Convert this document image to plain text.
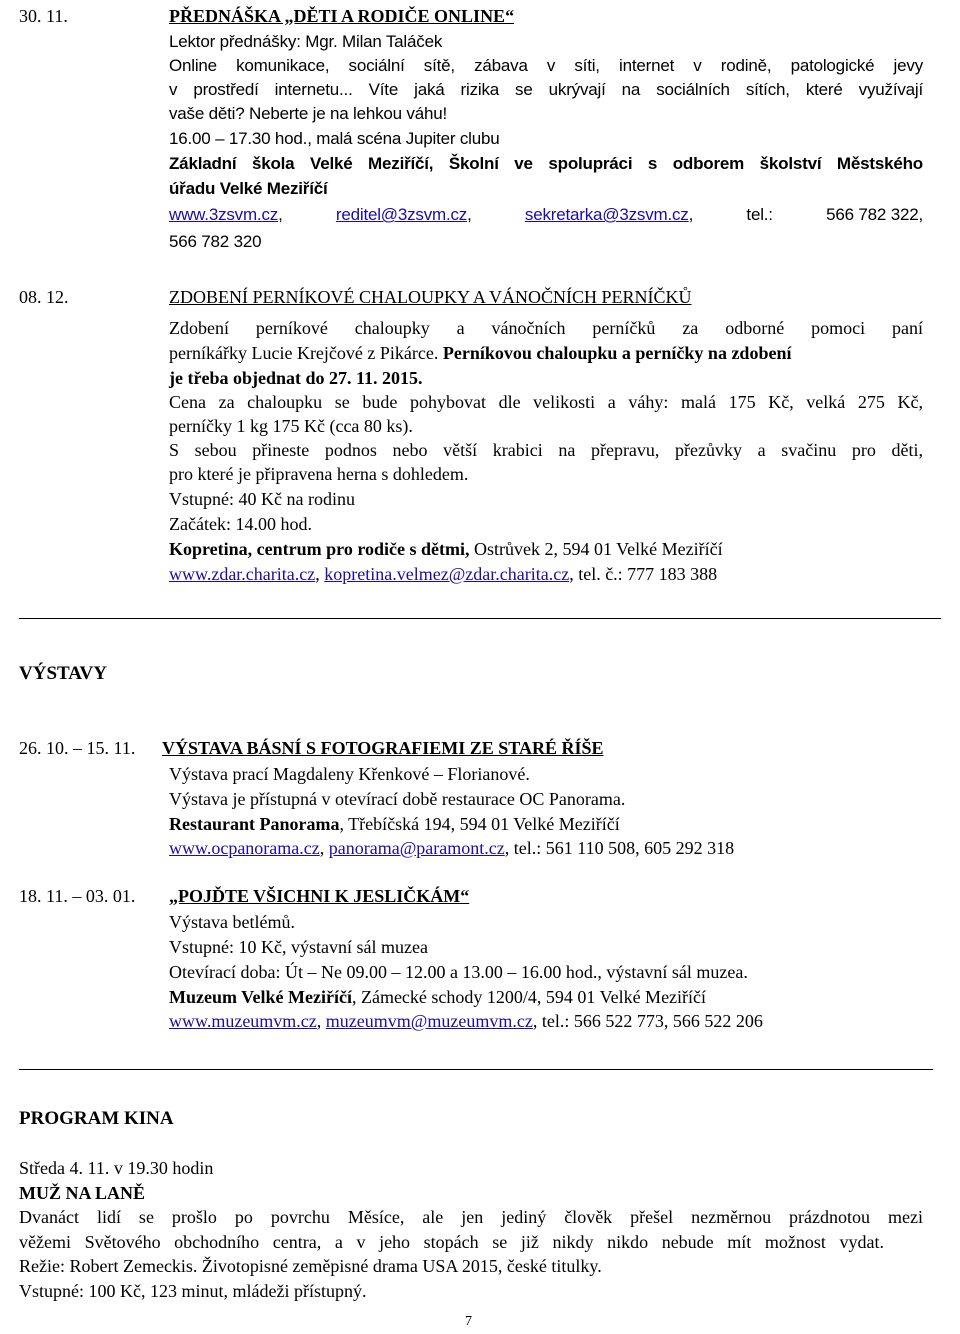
30. 11.	PŘEDNÁŠKA „DĚTI A RODIČE ONLINE“
Lektor přednášky: Mgr. Milan Taláček
Online komunikace, sociální sítě, zábava v síti, internet v rodině, patologické jevy
v prostředí internetu... Víte jaká rizika se ukrývají na sociálních sítích, které využívají
vaše děti? Neberte je na lehkou váhu!
16.00 – 17.30 hod., malá scéna Jupiter clubu
Základní škola Velké Meziříčí, Školní ve spolupráci s odborem školství Městského
úřadu Velké Meziříčí
www.3zsvm.cz,	reditel@3zsvm.cz,	sekretarka@3zsvm.cz,	tel.:	566 782 322,
566 782 320
08. 12.	ZDOBENÍ PERNÍKOVÉ CHALOUPKY A VÁNOČNÍCH PERNÍČKŮ
Zdobení perníkové chaloupky a vánočních perníčků za odborné pomoci paní
perníkářky Lucie Krejčové z Pikárce. Perníkovou chaloupku a perníčky na zdobení
je třeba objednat do 27. 11. 2015.
Cena za chaloupku se bude pohybovat dle velikosti a váhy: malá 175 Kč, velká 275 Kč,
perníčky 1 kg 175 Kč (cca 80 ks).
S sebou přineste podnos nebo větší krabici na přepravu, přezůvky a svačinu pro děti,
pro které je připravena herna s dohledem.
Vstupné: 40 Kč na rodinu
Začátek: 14.00 hod.
Kopretina, centrum pro rodiče s dětmi, Ostrůvek 2, 594 01 Velké Meziříčí
www.zdar.charita.cz, kopretina.velmez@zdar.charita.cz, tel. č.: 777 183 388
VÝSTAVY
26. 10. – 15. 11. VÝSTAVA BÁSNÍ S FOTOGRAFIEMI ZE STARÉ ŘÍŠE
Výstava prací Magdaleny Křenkové – Florianové.
Výstava je přístupná v otevírací době restaurace OC Panorama.
Restaurant Panorama, Třebíčská 194, 594 01 Velké Meziříčí
www.ocpanorama.cz, panorama@paramont.cz, tel.: 561 110 508, 605 292 318
18. 11. – 03. 01. „POJĎTE VŠICHNI K JESLIČKÁM“
Výstava betlémů.
Vstupné: 10 Kč, výstavní sál muzea
Otevírací doba: Út – Ne 09.00 – 12.00 a 13.00 – 16.00 hod., výstavní sál muzea.
Muzeum Velké Meziříčí, Zámecké schody 1200/4, 594 01 Velké Meziříčí
www.muzeumvm.cz, muzeumvm@muzeumvm.cz, tel.: 566 522 773, 566 522 206
PROGRAM KINA
Středa 4. 11. v 19.30 hodin
MUŽ NA LANĚ
Dvanáct lidí se prošlo po povrchu Měsíce, ale jen jediný člověk přešel nezměrnou prázdnotou mezi
věžemi Světového obchodního centra, a v jeho stopách se již nikdy nikdo nebude mít možnost vydat.
Režie: Robert Zemeckis. Životopisné zeměpisné drama USA 2015, české titulky.
Vstupné: 100 Kč, 123 minut, mládeži přístupný.
7
